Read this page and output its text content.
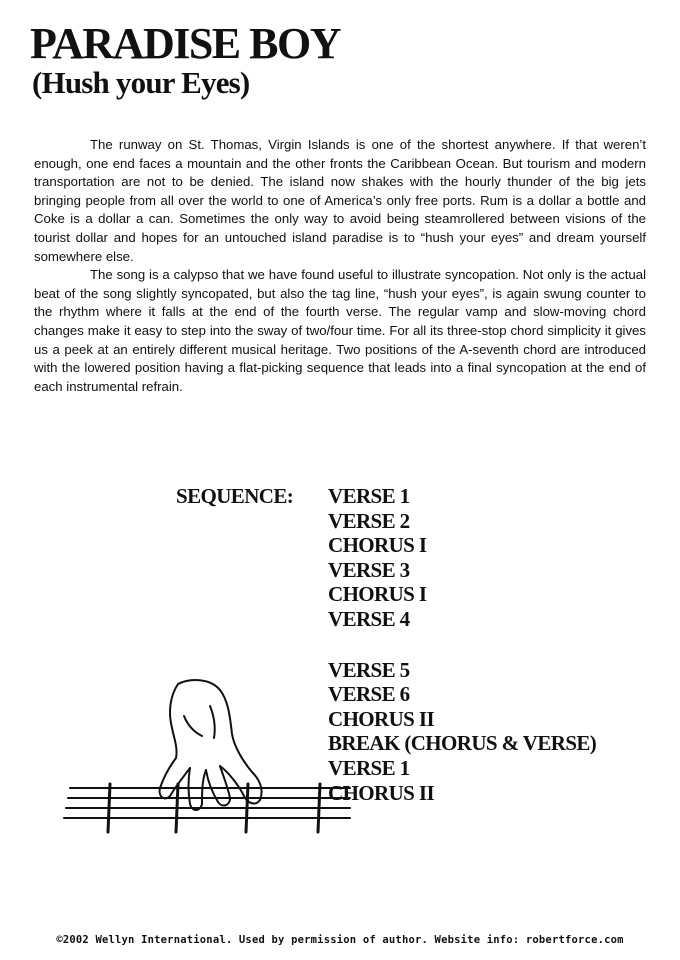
PARADISE BOY
(Hush your Eyes)

The runway on St. Thomas, Virgin Islands is one of the shortest anywhere. If that weren’t enough, one end faces a mountain and the other fronts the Caribbean Ocean. But tourism and modern transportation are not to be denied. The island now shakes with the hourly thunder of the big jets bringing people from all over the world to one of America’s only free ports. Rum is a dollar a bottle and Coke is a dollar a can. Sometimes the only way to avoid being steamrollered between visions of the tourist dollar and hopes for an untouched island paradise is to “hush your eyes” and dream yourself somewhere else.

The song is a calypso that we have found useful to illustrate syncopation. Not only is the actual beat of the song slightly syncopated, but also the tag line, “hush your eyes”, is again swung counter to the rhythm where it falls at the end of the fourth verse. The regular vamp and slow-moving chord changes make it easy to step into the sway of two/four time. For all its three-stop chord simplicity it gives us a peek at an entirely different musical heritage. Two positions of the A-seventh chord are introduced with the lowered position having a flat-picking sequence that leads into a final syncopation at the end of each instrumental refrain.

SEQUENCE: VERSE 1
VERSE 2
CHORUS I
VERSE 3
CHORUS I
VERSE 4
VERSE 5
VERSE 6
CHORUS II
BREAK (CHORUS & VERSE)
VERSE 1
CHORUS II
©2002 Wellyn International. Used by permission of author. Website info: robertforce.com
